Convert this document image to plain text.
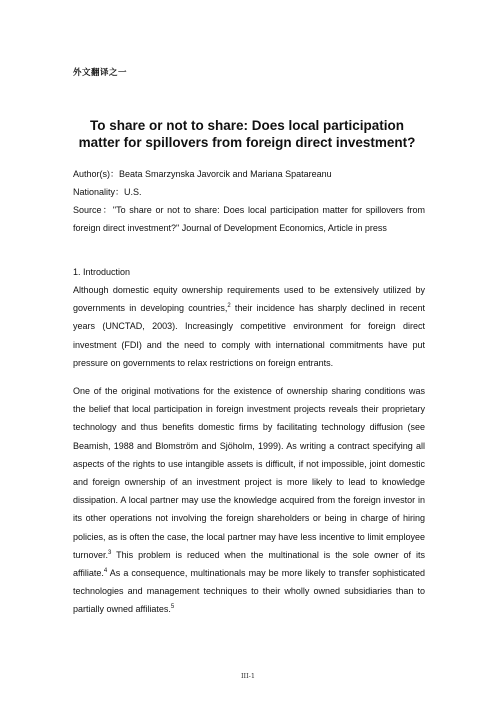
外文翻译之一
To share or not to share: Does local participation
matter for spillovers from foreign direct investment?
Author(s)：Beata Smarzynska Javorcik and Mariana Spatareanu
Nationality：U.S.
Source："To share or not to share: Does local participation matter for spillovers from foreign direct investment?" Journal of Development Economics, Article in press
1. Introduction

Although domestic equity ownership requirements used to be extensively utilized by governments in developing countries,$^2$ their incidence has sharply declined in recent years (UNCTAD, 2003). Increasingly competitive environment for foreign direct investment (FDI) and the need to comply with international commitments have put pressure on governments to relax restrictions on foreign entrants.

One of the original motivations for the existence of ownership sharing conditions was the belief that local participation in foreign investment projects reveals their proprietary technology and thus benefits domestic firms by facilitating technology diffusion (see Beamish, 1988 and Blomström and Sjöholm, 1999). As writing a contract specifying all aspects of the rights to use intangible assets is difficult, if not impossible, joint domestic and foreign ownership of an investment project is more likely to lead to knowledge dissipation. A local partner may use the knowledge acquired from the foreign investor in its other operations not involving the foreign shareholders or being in charge of hiring policies, as is often the case, the local partner may have less incentive to limit employee turnover.$^3$ This problem is reduced when the multinational is the sole owner of its affiliate.$^4$ As a consequence, multinationals may be more likely to transfer sophisticated technologies and management techniques to their wholly owned subsidiaries than to partially owned affiliates.$^5$

III-1
